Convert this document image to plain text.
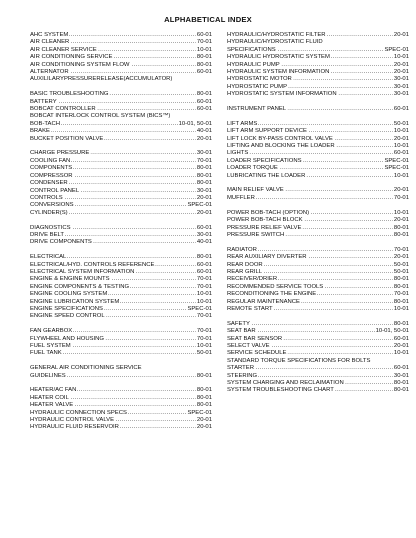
ALPHABETICAL INDEX
AHC SYSTEM	60-01
.....
AIR CLEANER	70-01
.....
AIR CLEANER SERVICE	10-01
.....
AIR CONDITIONING SERVICE	80-01
.....
AIR CONDITIONING SYSTEM FLOW	80-01
.....
ALTERNATOR	60-01
.....
AUXILILARYPRESSURERELEASE(ACCUMULATOR)
BASIC TROUBLESHOOTING	80-01
.....
BATTERY	60-01
.....
BOBCAT CONTROLLER	60-01
.....
BOBCAT INTERLOCK CONTROL SYSTEM (BICS™)
BOB-TACH	10-01, 50-01
.....
BRAKE	40-01
.....
BUCKET POSITION VALVE	20-01
.....
CHARGE PRESSURE	30-01
.....
COOLING FAN	70-01
.....
COMPONENTS	80-01
.....
COMPRESSOR	80-01
.....
CONDENSER	80-01
.....
CONTROL PANEL	30-01
.....
CONTROLS	20-01
.....
CONVERSIONS	SPEC-01
.....
CYLINDER(S)	20-01
.....
DIAGNOSTICS	60-01
.....
DRIVE BELT	30-01
.....
DRIVE COMPONENTS	40-01
.....
ELECTRICAL	80-01
.....
ELECTRICAL/HYD. CONTROLS REFERENCE	60-01
.....
ELECTRICAL SYSTEM INFORMATION	60-01
.....
ENGINE & ENGINE MOUNTS	70-01
.....
ENGINE COMPONENTS & TESTING	70-01
.....
ENGINE COOLING SYSTEM	10-01
.....
ENGINE LUBRICATION SYSTEM	10-01
.....
ENGINE SPECIFICATIONS	SPEC-01
.....
ENGINE SPEED CONTROL	70-01
.....
FAN GEARBOX	70-01
.....
FLYWHEEL AND HOUSING	70-01
.....
FUEL SYSTEM	10-01
.....
FUEL TANK	50-01
.....
GENERAL AIR CONDITIONING SERVICE
GUIDELINES	80-01
.....
HEATER/AC FAN	80-01
.....
HEATER COIL	80-01
.....
HEATER VALVE	80-01
.....
HYDRAULIC CONNECTION SPECS	SPEC-01
.....
HYDRAULIC CONTROL VALVE	20-01
.....
HYDRAULIC FLUID RESERVOIR	20-01
.....
HYDRAULIC/HYDROSTATIC FILTER	20-01
.....
HYDRAULIC/HYDROSTATIC FLUID
SPECIFICATIONS	SPEC-01
.....
HYDRAULIC HYDROSTATIC SYSTEM	10-01
.....
HYDRAULIC PUMP	20-01
.....
HYDRAULIC SYSTEM INFORMATION	20-01
.....
HYDROSTATIC MOTOR	30-01
.....
HYDROSTATIC PUMP	30-01
.....
HYDROSTATIC SYSTEM INFORMATION	30-01
.....
INSTRUMENT PANEL	60-01
.....
LIFT ARMS	50-01
.....
LIFT ARM SUPPORT DEVICE	10-01
.....
LIFT LOCK BY-PASS CONTROL VALVE	20-01
.....
LIFTING AND BLOCKING THE LOADER	10-01
.....
LIGHTS	60-01
.....
LOADER SPECIFICATIONS	SPEC-01
.....
LOADER TORQUE	SPEC-01
.....
LUBRICATING THE LOADER	10-01
.....
MAIN RELIEF VALVE	20-01
.....
MUFFLER	70-01
.....
POWER BOB-TACH (OPTION)	10-01
.....
POWER BOB-TACH BLOCK	20-01
.....
PRESSURE RELIEF VALVE	80-01
.....
PRESSURE SWITCH	80-01
.....
RADIATOR	70-01
.....
REAR AUXILIARY DIVERTER	20-01
.....
REAR DOOR	50-01
.....
REAR GRILL	50-01
.....
RECEIVER/DRIER	80-01
.....
RECOMMENDED SERVICE TOOLS	80-01
.....
RECONDITIONING THE ENGINE	70-01
.....
REGULAR MAINTENANCE	80-01
.....
REMOTE START	10-01
.....
SAFETY	80-01
.....
SEAT BAR	10-01, 50-01
.....
SEAT BAR SENSOR	60-01
.....
SELECT VALVE	20-01
.....
SERVICE SCHEDULE	10-01
.....
STANDARD TORQUE SPECIFICATIONS FOR BOLTS
STARTER	60-01
.....
STEERING	30-01
.....
SYSTEM CHARGING AND RECLAIMATION	80-01
.....
SYSTEM TROUBLESHOOTING CHART	80-01
.....
